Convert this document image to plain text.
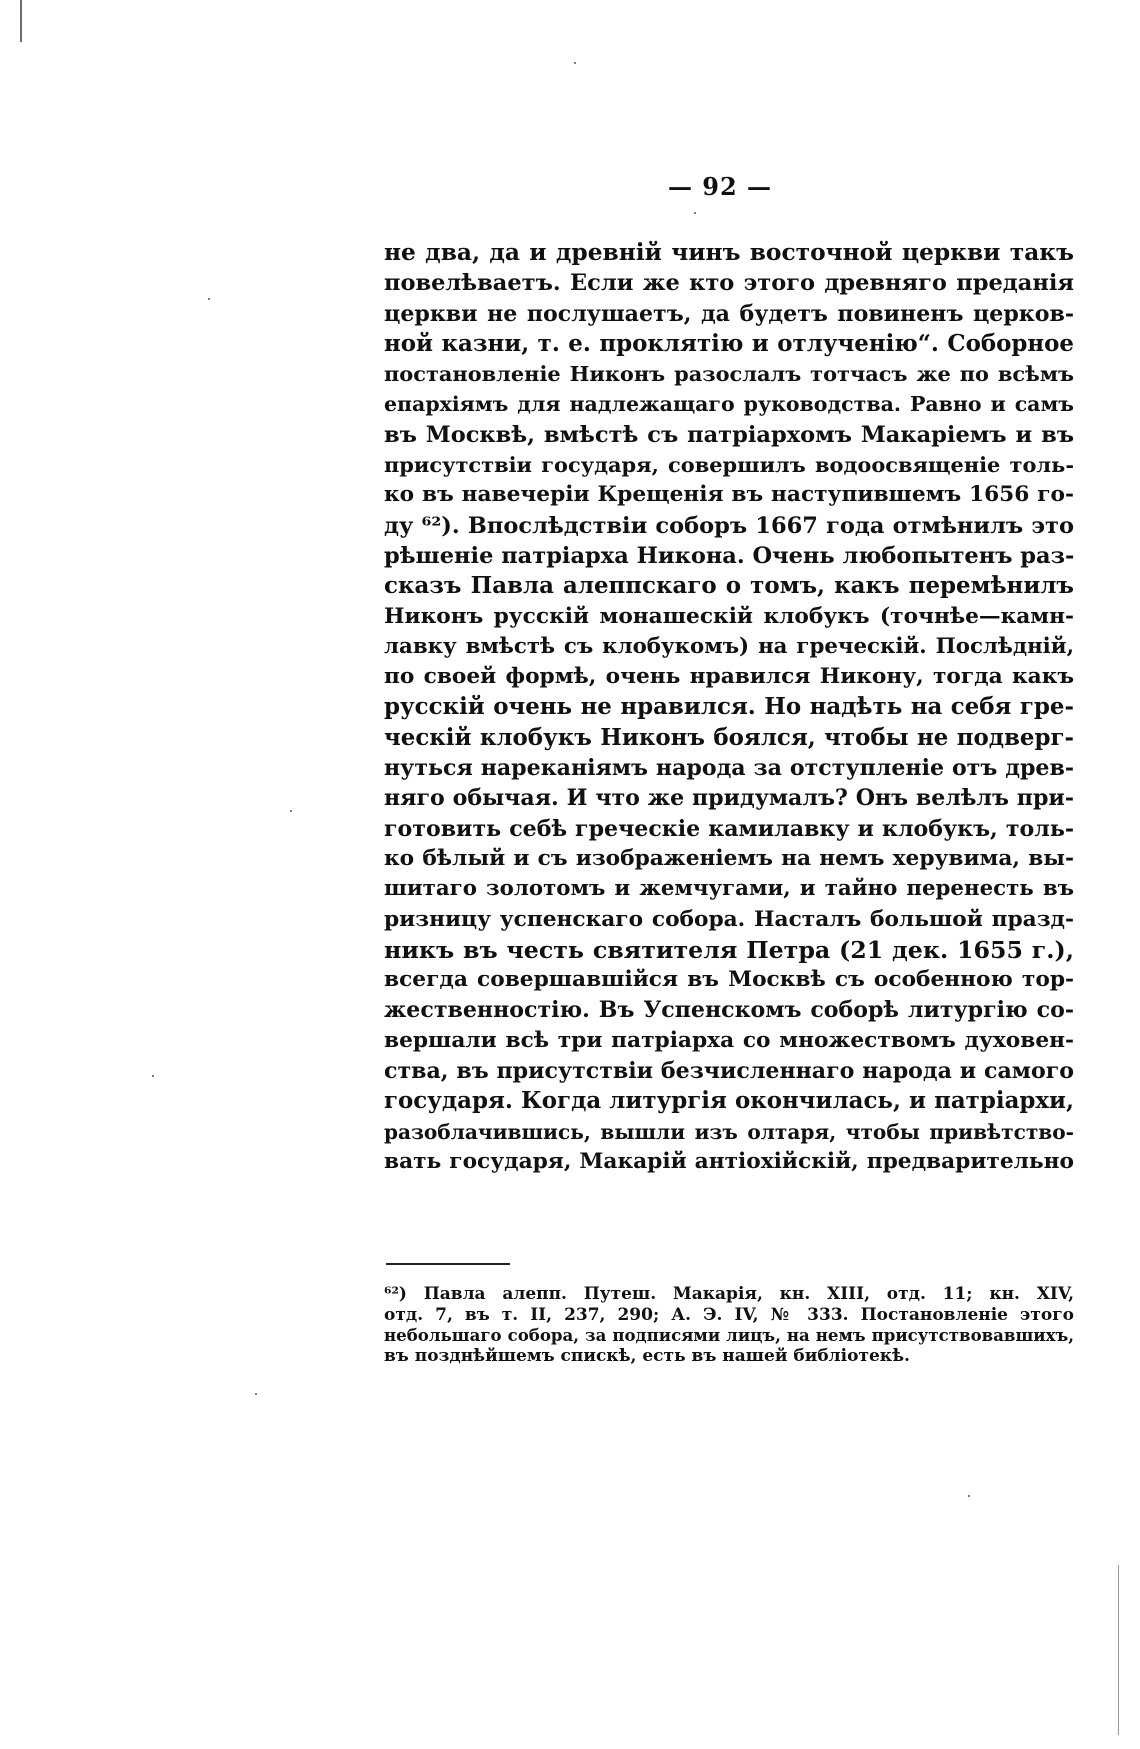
— 92 —
не два, да и древній чинъ восточной церкви такъ
повелѣваетъ. Если же кто этого древняго преданія
церкви не послушаетъ, да будетъ повиненъ церков-
ной казни, т. е. проклятію и отлученію“. Соборное
постановленіе Никонъ разослалъ тотчасъ же по всѣмъ
епархіямъ для надлежащаго руководства. Равно и самъ
въ Москвѣ, вмѣстѣ съ патріархомъ Макаріемъ и въ
присутствіи государя, совершилъ водоосвященіе толь-
ко въ навечеріи Крещенія въ наступившемъ 1656 го-
ду ⁶²). Впослѣдствіи соборъ 1667 года отмѣнилъ это
рѣшеніе патріарха Никона. Очень любопытенъ раз-
сказъ Павла алеппскаго о томъ, какъ перемѣнилъ
Никонъ русскій монашескій клобукъ (точнѣе—камн-
лавку вмѣстѣ съ клобукомъ) на греческій. Послѣдній,
по своей формѣ, очень нравился Никону, тогда какъ
русскій очень не нравился. Но надѣть на себя гре-
ческій клобукъ Никонъ боялся, чтобы не подверг-
нуться нареканіямъ народа за отступленіе отъ древ-
няго обычая. И что же придумалъ? Онъ велѣлъ при-
готовить себѣ греческіе камилавку и клобукъ, толь-
ко бѣлый и съ изображеніемъ на немъ херувима, вы-
шитаго золотомъ и жемчугами, и тайно перенесть въ
ризницу успенскаго собора. Насталъ большой празд-
никъ въ честь святителя Петра (21 дек. 1655 г.),
всегда совершавшійся въ Москвѣ съ особенною тор-
жественностію. Въ Успенскомъ соборѣ литургію со-
вершали всѣ три патріарха со множествомъ духовен-
ства, въ присутствіи безчисленнаго народа и самого
государя. Когда литургія окончилась, и патріархи,
разоблачившись, вышли изъ олтаря, чтобы привѣтство-
вать государя, Макарій антіохійскій, предварительно
⁶²) Павла алепп. Путеш. Макарія, кн. XIII, отд. 11; кн. XIV,
отд. 7, въ т. II, 237, 290; А. Э. IV, № 333. Постановленіе этого
небольшаго собора, за подписями лицъ, на немъ присутствовавшихъ,
въ позднѣйшемъ спискѣ, есть въ нашей библіотекѣ.
